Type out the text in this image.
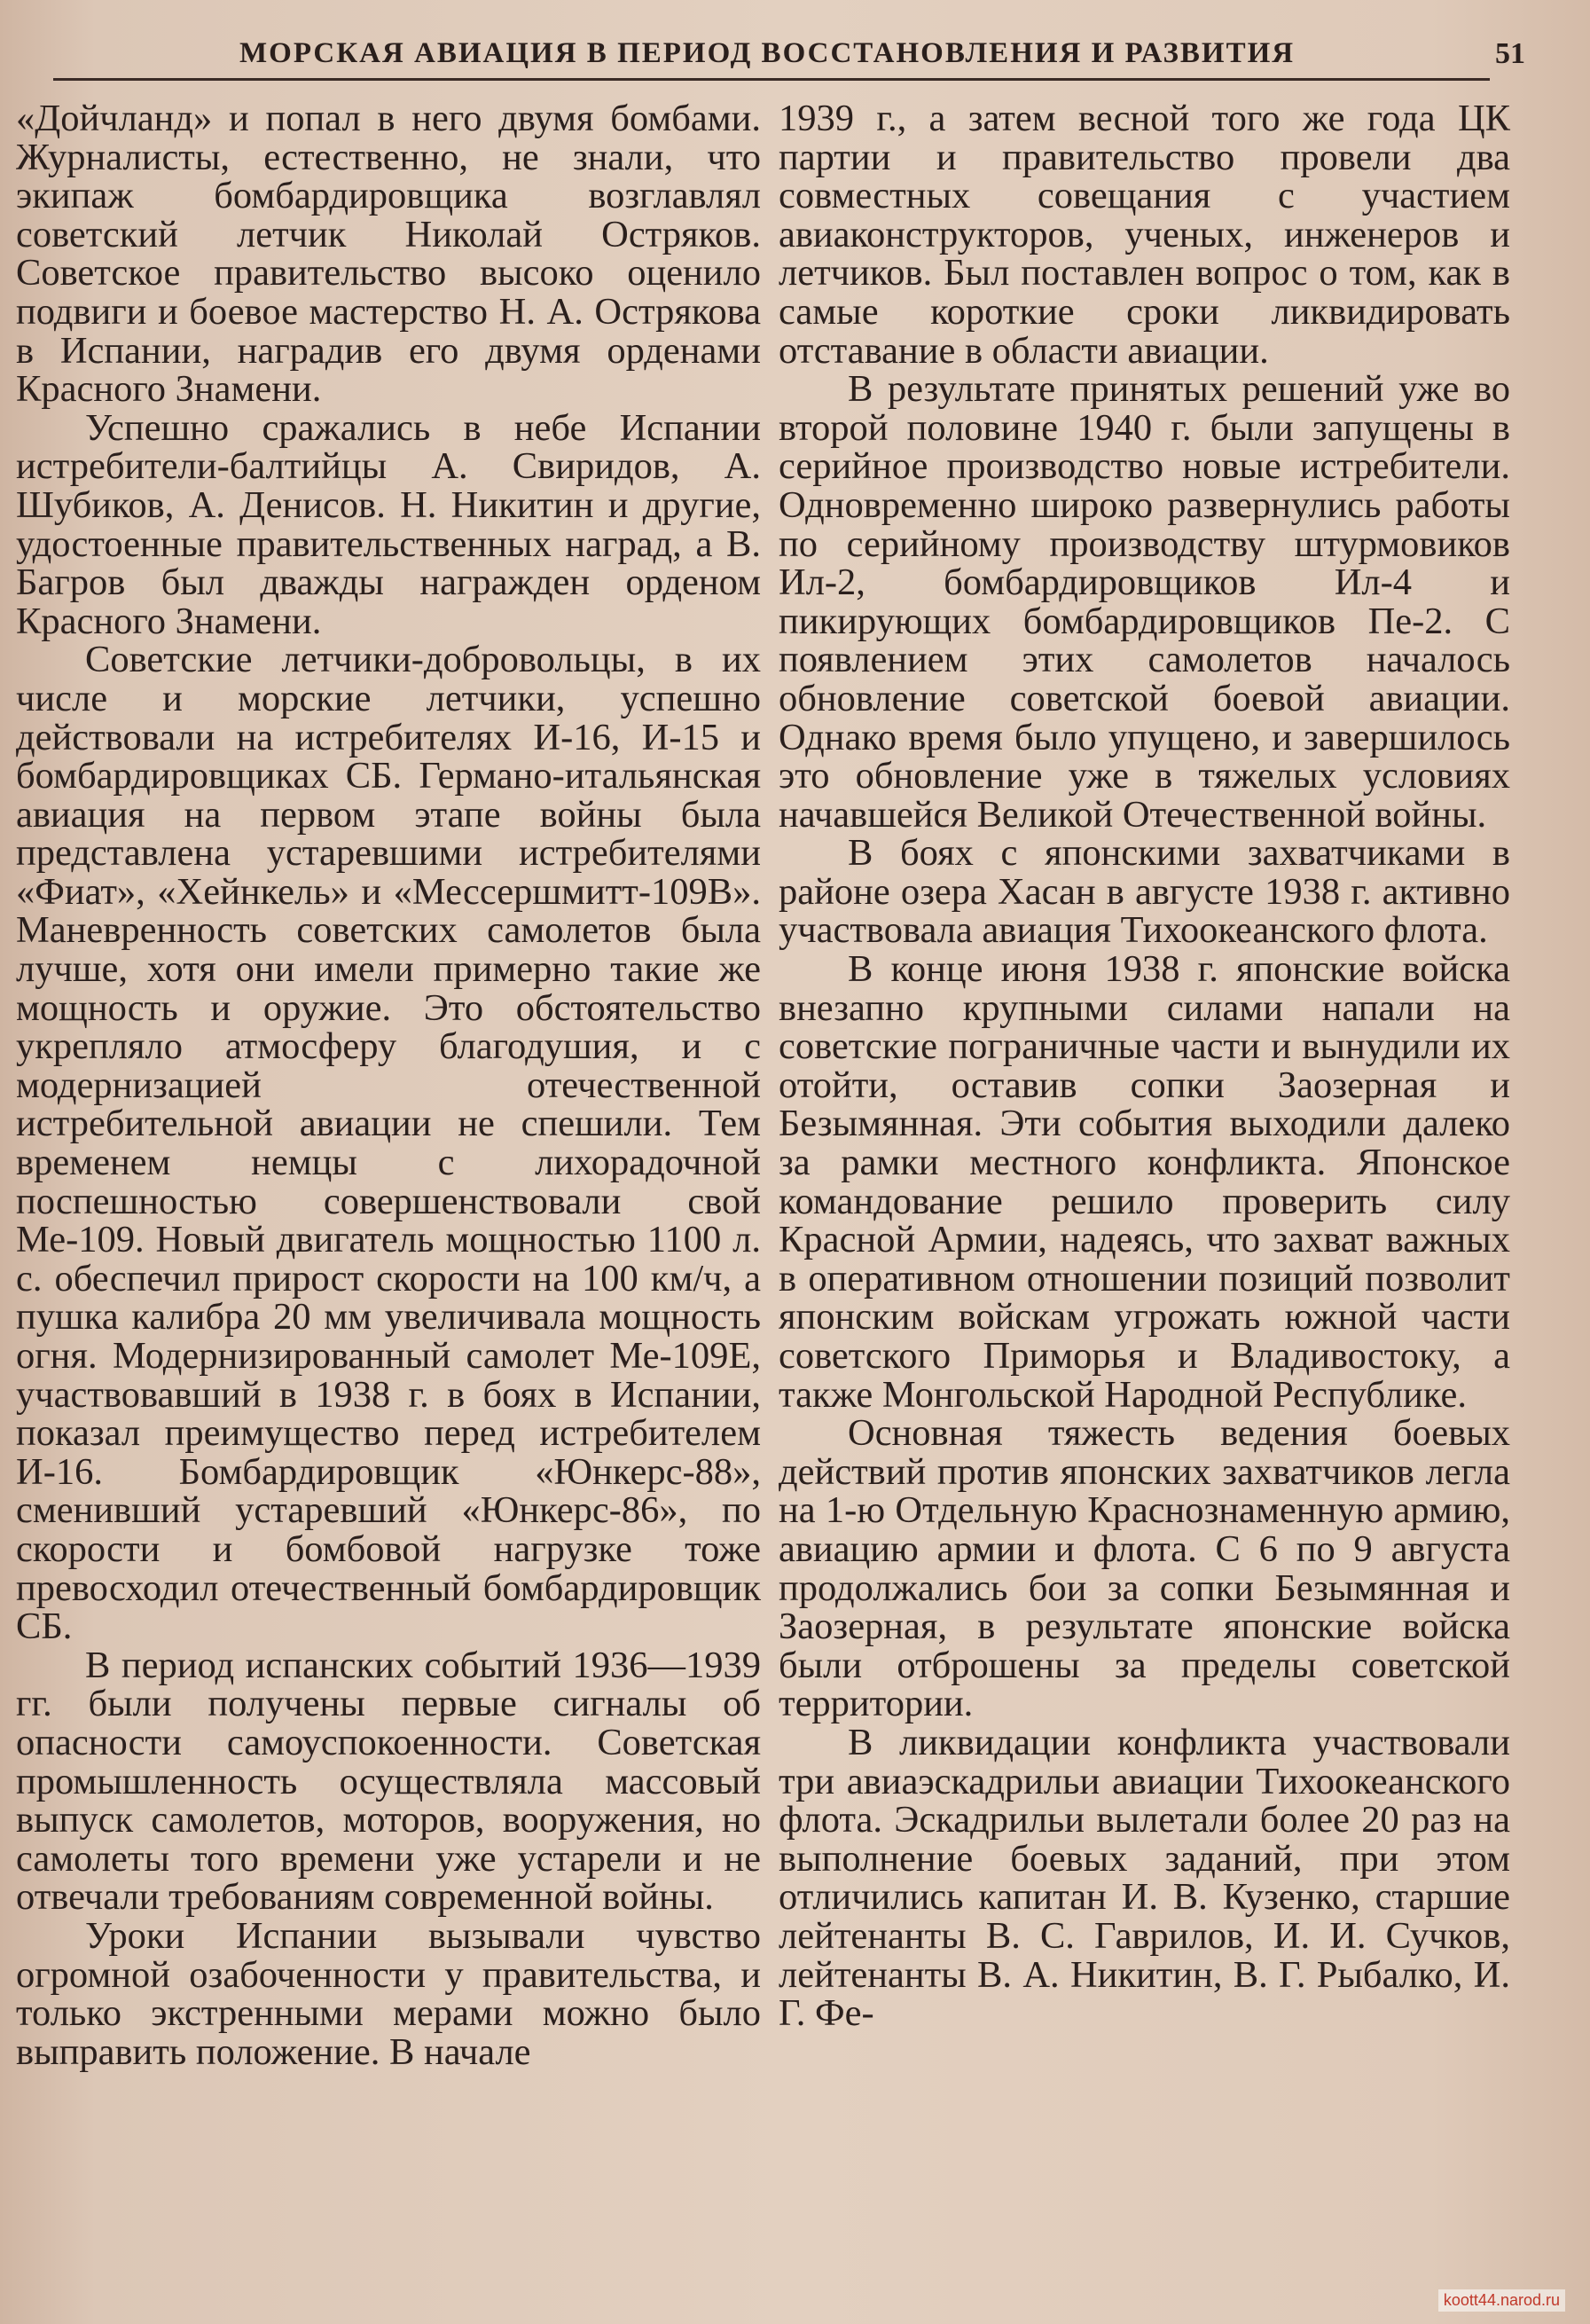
МОРСКАЯ АВИАЦИЯ В ПЕРИОД ВОССТАНОВЛЕНИЯ И РАЗВИТИЯ	51

«Дойчланд» и попал в него двумя бомбами. Журналисты, естественно, не знали, что экипаж бомбардировщика возглавлял советский летчик Николай Остряков. Советское правительство высоко оценило подвиги и боевое мастерство Н. А. Острякова в Испании, наградив его двумя орденами Красного Знамени.

Успешно сражались в небе Испании истребители-балтийцы А. Свиридов, А. Шубиков, А. Денисов. Н. Никитин и другие, удостоенные правительственных наград, а В. Багров был дважды награжден орденом Красного Знамени.

Советские летчики-добровольцы, в их числе и морские летчики, успешно действовали на истребителях И-16, И-15 и бомбардировщиках СБ. Германо-итальянская авиация на первом этапе войны была представлена устаревшими истребителями «Фиат», «Хейнкель» и «Мессершмитт-109В». Маневренность советских самолетов была лучше, хотя они имели примерно такие же мощность и оружие. Это обстоятельство укрепляло атмосферу благодушия, и с модернизацией отечественной истребительной авиации не спешили. Тем временем немцы с лихорадочной поспешностью совершенствовали свой Ме-109. Новый двигатель мощностью 1100 л. с. обеспечил прирост скорости на 100 км/ч, а пушка калибра 20 мм увеличивала мощность огня. Модернизированный самолет Ме-109Е, участвовавший в 1938 г. в боях в Испании, показал преимущество перед истребителем И-16. Бомбардировщик «Юнкерс-88», сменивший устаревший «Юнкерс-86», по скорости и бомбовой нагрузке тоже превосходил отечественный бомбардировщик СБ.

В период испанских событий 1936—1939 гг. были получены первые сигналы об опасности самоуспокоенности. Советская промышленность осуществляла массовый выпуск самолетов, моторов, вооружения, но самолеты того времени уже устарели и не отвечали требованиям современной войны.

Уроки Испании вызывали чувство огромной озабоченности у правительства, и только экстренными мерами можно было выправить положение. В начале

1939 г., а затем весной того же года ЦК партии и правительство провели два совместных совещания с участием авиаконструкторов, ученых, инженеров и летчиков. Был поставлен вопрос о том, как в самые короткие сроки ликвидировать отставание в области авиации.

В результате принятых решений уже во второй половине 1940 г. были запущены в серийное производство новые истребители. Одновременно широко развернулись работы по серийному производству штурмовиков Ил-2, бомбардировщиков Ил-4 и пикирующих бомбардировщиков Пе-2. С появлением этих самолетов началось обновление советской боевой авиации. Однако время было упущено, и завершилось это обновление уже в тяжелых условиях начавшейся Великой Отечественной войны.

В боях с японскими захватчиками в районе озера Хасан в августе 1938 г. активно участвовала авиация Тихоокеанского флота.

В конце июня 1938 г. японские войска внезапно крупными силами напали на советские пограничные части и вынудили их отойти, оставив сопки Заозерная и Безымянная. Эти события выходили далеко за рамки местного конфликта. Японское командование решило проверить силу Красной Армии, надеясь, что захват важных в оперативном отношении позиций позволит японским войскам угрожать южной части советского Приморья и Владивостоку, а также Монгольской Народной Республике.

Основная тяжесть ведения боевых действий против японских захватчиков легла на 1-ю Отдельную Краснознаменную армию, авиацию армии и флота. С 6 по 9 августа продолжались бои за сопки Безымянная и Заозерная, в результате японские войска были отброшены за пределы советской территории.

В ликвидации конфликта участвовали три авиаэскадрильи авиации Тихоокеанского флота. Эскадрильи вылетали более 20 раз на выполнение боевых заданий, при этом отличились капитан И. В. Кузенко, старшие лейтенанты В. С. Гаврилов, И. И. Сучков, лейтенанты В. А. Никитин, В. Г. Рыбалко, И. Г. Фе-

koott44.narod.ru
